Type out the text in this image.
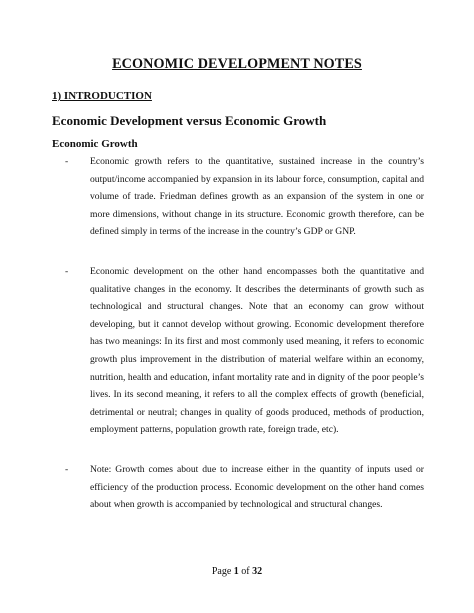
ECONOMIC DEVELOPMENT NOTES
1) INTRODUCTION
Economic Development versus Economic Growth
Economic Growth
- Economic growth refers to the quantitative, sustained increase in the country’s output/income accompanied by expansion in its labour force, consumption, capital and volume of trade. Friedman defines growth as an expansion of the system in one or more dimensions, without change in its structure. Economic growth therefore, can be defined simply in terms of the increase in the country’s GDP or GNP.
- Economic development on the other hand encompasses both the quantitative and qualitative changes in the economy. It describes the determinants of growth such as technological and structural changes. Note that an economy can grow without developing, but it cannot develop without growing. Economic development therefore has two meanings: In its first and most commonly used meaning, it refers to economic growth plus improvement in the distribution of material welfare within an economy, nutrition, health and education, infant mortality rate and in dignity of the poor people’s lives. In its second meaning, it refers to all the complex effects of growth (beneficial, detrimental or neutral; changes in quality of goods produced, methods of production, employment patterns, population growth rate, foreign trade, etc).
- Note: Growth comes about due to increase either in the quantity of inputs used or efficiency of the production process. Economic development on the other hand comes about when growth is accompanied by technological and structural changes.
Page 1 of 32
